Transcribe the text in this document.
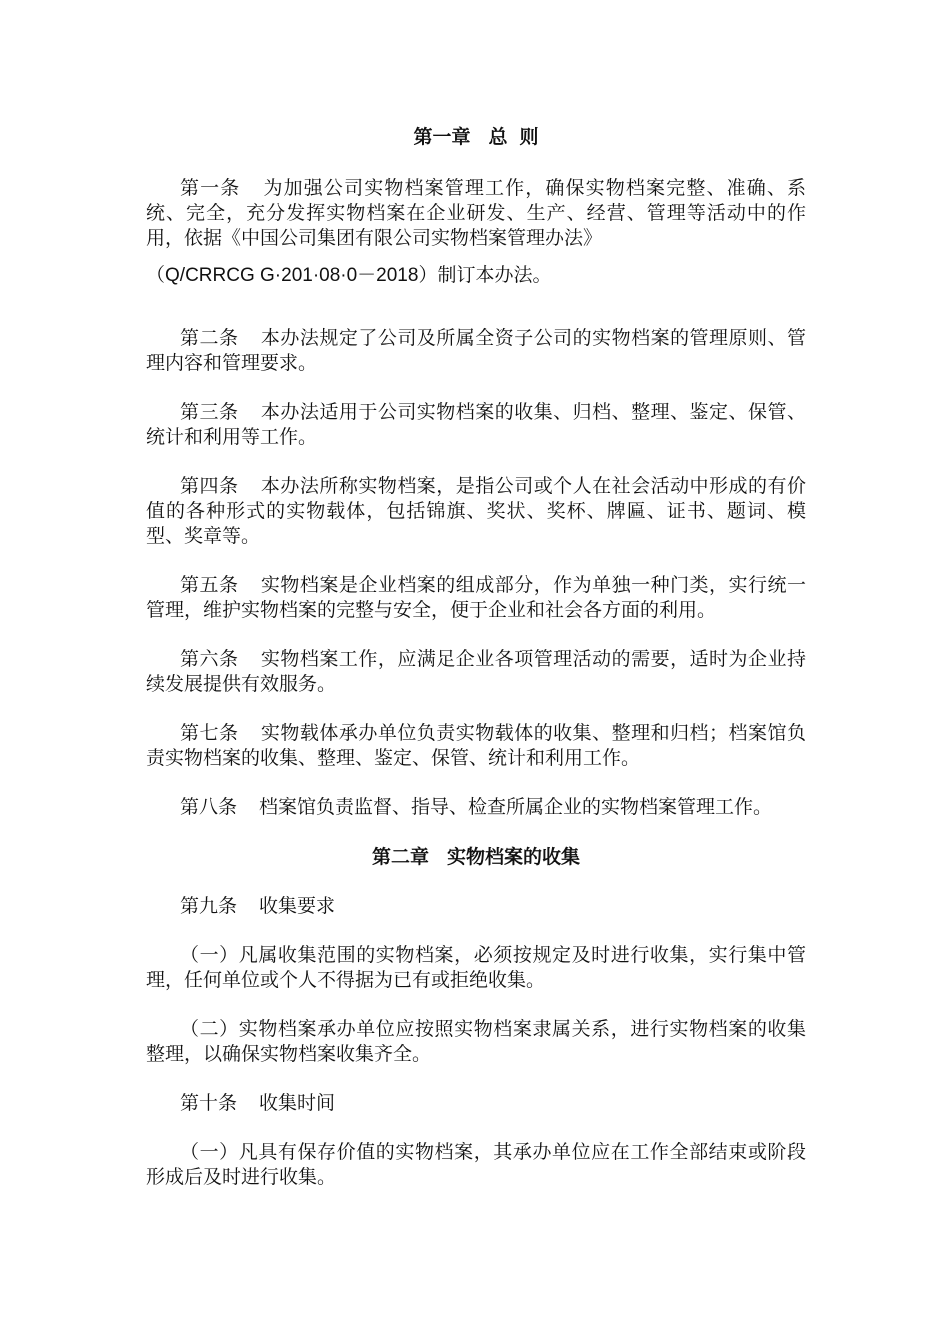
第一章 总 则

第一条 为加强公司实物档案管理工作，确保实物档案完整、准确、系统、完全，充分发挥实物档案在企业研发、生产、经营、管理等活动中的作用，依据《中国公司集团有限公司实物档案管理办法》

（Q/CRRCG G·201·08·0－2018）制订本办法。

第二条 本办法规定了公司及所属全资子公司的实物档案的管理原则、管理内容和管理要求。

第三条 本办法适用于公司实物档案的收集、归档、整理、鉴定、保管、统计和利用等工作。

第四条 本办法所称实物档案，是指公司或个人在社会活动中形成的有价值的各种形式的实物载体，包括锦旗、奖状、奖杯、牌匾、证书、题词、模型、奖章等。

第五条 实物档案是企业档案的组成部分，作为单独一种门类，实行统一管理，维护实物档案的完整与安全，便于企业和社会各方面的利用。

第六条 实物档案工作，应满足企业各项管理活动的需要，适时为企业持续发展提供有效服务。

第七条 实物载体承办单位负责实物载体的收集、整理和归档；档案馆负责实物档案的收集、整理、鉴定、保管、统计和利用工作。

第八条 档案馆负责监督、指导、检查所属企业的实物档案管理工作。

第二章 实物档案的收集

第九条 收集要求

（一）凡属收集范围的实物档案，必须按规定及时进行收集，实行集中管理，任何单位或个人不得据为已有或拒绝收集。

（二）实物档案承办单位应按照实物档案隶属关系，进行实物档案的收集整理，以确保实物档案收集齐全。

第十条 收集时间

（一）凡具有保存价值的实物档案，其承办单位应在工作全部结束或阶段形成后及时进行收集。
